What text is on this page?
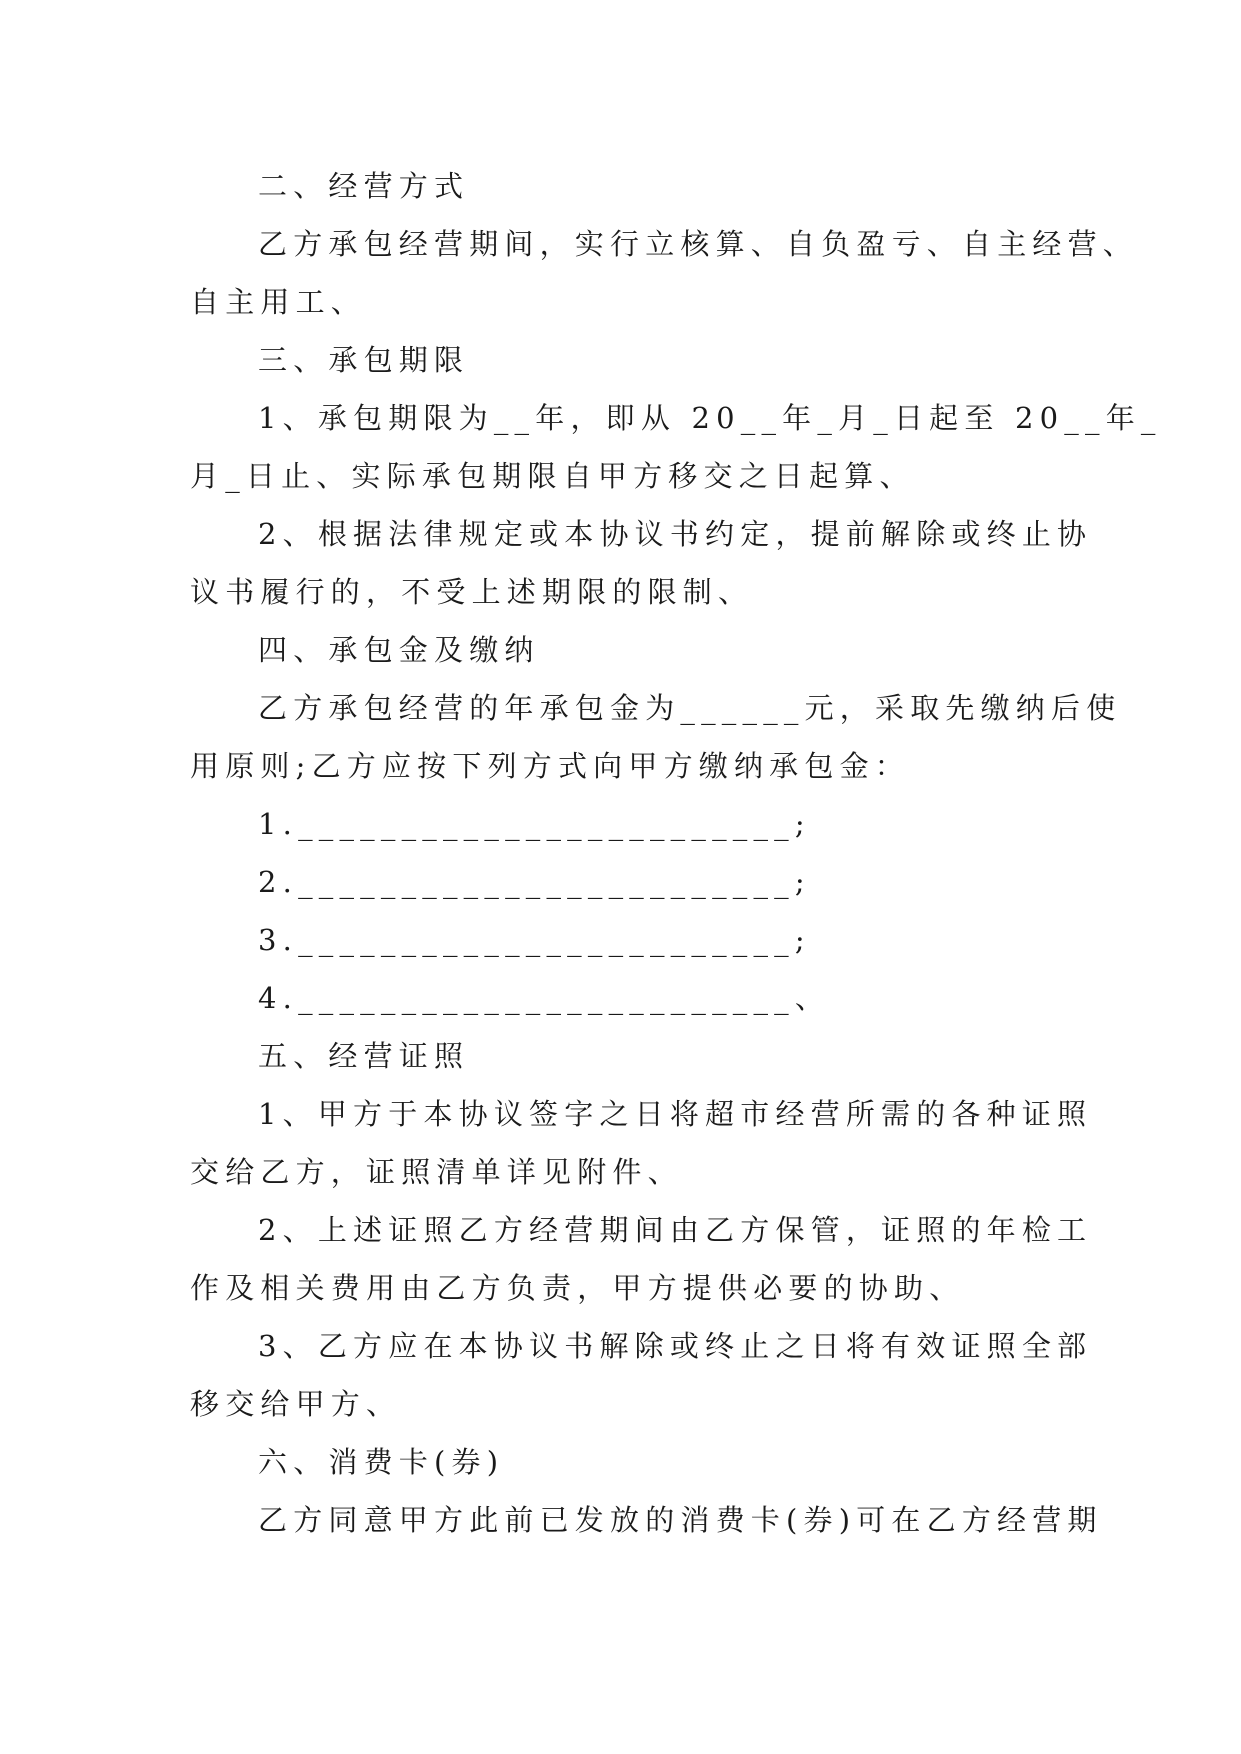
二、经营方式

乙方承包经营期间，实行立核算、自负盈亏、自主经营、

自主用工、

三、承包期限

1、承包期限为__年，即从 20__年_月_日起至 20__年_

月_日止、实际承包期限自甲方移交之日起算、

2、根据法律规定或本协议书约定，提前解除或终止协

议书履行的，不受上述期限的限制、

四、承包金及缴纳

乙方承包经营的年承包金为______元，采取先缴纳后使

用原则;乙方应按下列方式向甲方缴纳承包金：

1.________________________;

2.________________________;

3.________________________;

4.________________________、

五、经营证照

1、甲方于本协议签字之日将超市经营所需的各种证照

交给乙方，证照清单详见附件、

2、上述证照乙方经营期间由乙方保管，证照的年检工

作及相关费用由乙方负责，甲方提供必要的协助、

3、乙方应在本协议书解除或终止之日将有效证照全部

移交给甲方、

六、消费卡(券)

乙方同意甲方此前已发放的消费卡(券)可在乙方经营期
